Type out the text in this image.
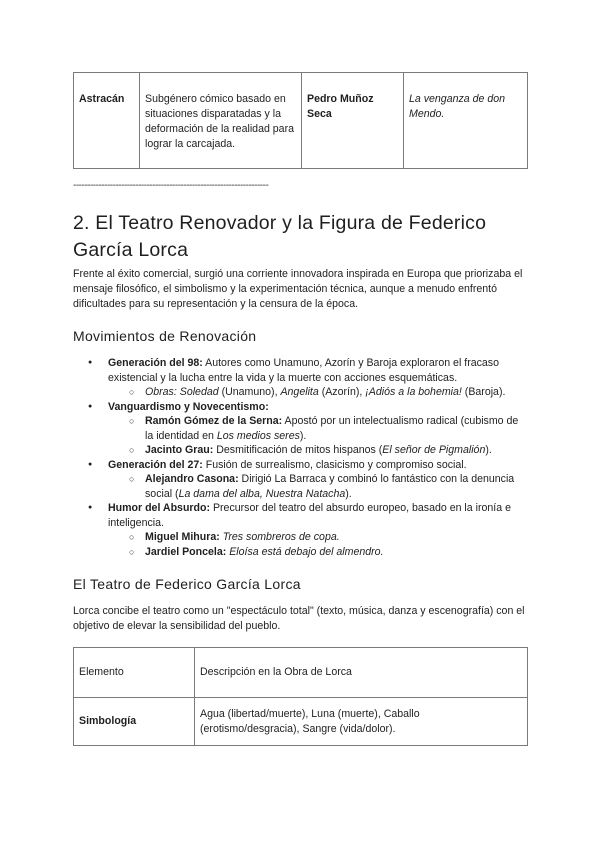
Astracán	Subgénero cómico basado en situaciones disparatadas y la deformación de la realidad para lograr la carcajada.	Pedro Muñoz Seca	La venganza de don Mendo.
---------------------------------------------------------------------
2. El Teatro Renovador y la Figura de Federico García Lorca

Frente al éxito comercial, surgió una corriente innovadora inspirada en Europa que priorizaba el mensaje filosófico, el simbolismo y la experimentación técnica, aunque a menudo enfrentó dificultades para su representación y la censura de la época.

Movimientos de Renovación
● Generación del 98: Autores como Unamuno, Azorín y Baroja exploraron el fracaso existencial y la lucha entre la vida y la muerte con acciones esquemáticas.
○ Obras: Soledad (Unamuno), Angelita (Azorín), ¡Adiós a la bohemia! (Baroja).
● Vanguardismo y Novecentismo:
○ Ramón Gómez de la Serna: Apostó por un intelectualismo radical (cubismo de la identidad en Los medios seres).
○ Jacinto Grau: Desmitificación de mitos hispanos (El señor de Pigmalión).
● Generación del 27: Fusión de surrealismo, clasicismo y compromiso social.
○ Alejandro Casona: Dirigió La Barraca y combinó lo fantástico con la denuncia social (La dama del alba, Nuestra Natacha).
● Humor del Absurdo: Precursor del teatro del absurdo europeo, basado en la ironía e inteligencia.
○ Miguel Mihura: Tres sombreros de copa.
○ Jardiel Poncela: Eloísa está debajo del almendro.
El Teatro de Federico García Lorca

Lorca concibe el teatro como un "espectáculo total" (texto, música, danza y escenografía) con el objetivo de elevar la sensibilidad del pueblo.

Elemento	Descripción en la Obra de Lorca
Simbología	Agua (libertad/muerte), Luna (muerte), Caballo (erotismo/desgracia), Sangre (vida/dolor).
